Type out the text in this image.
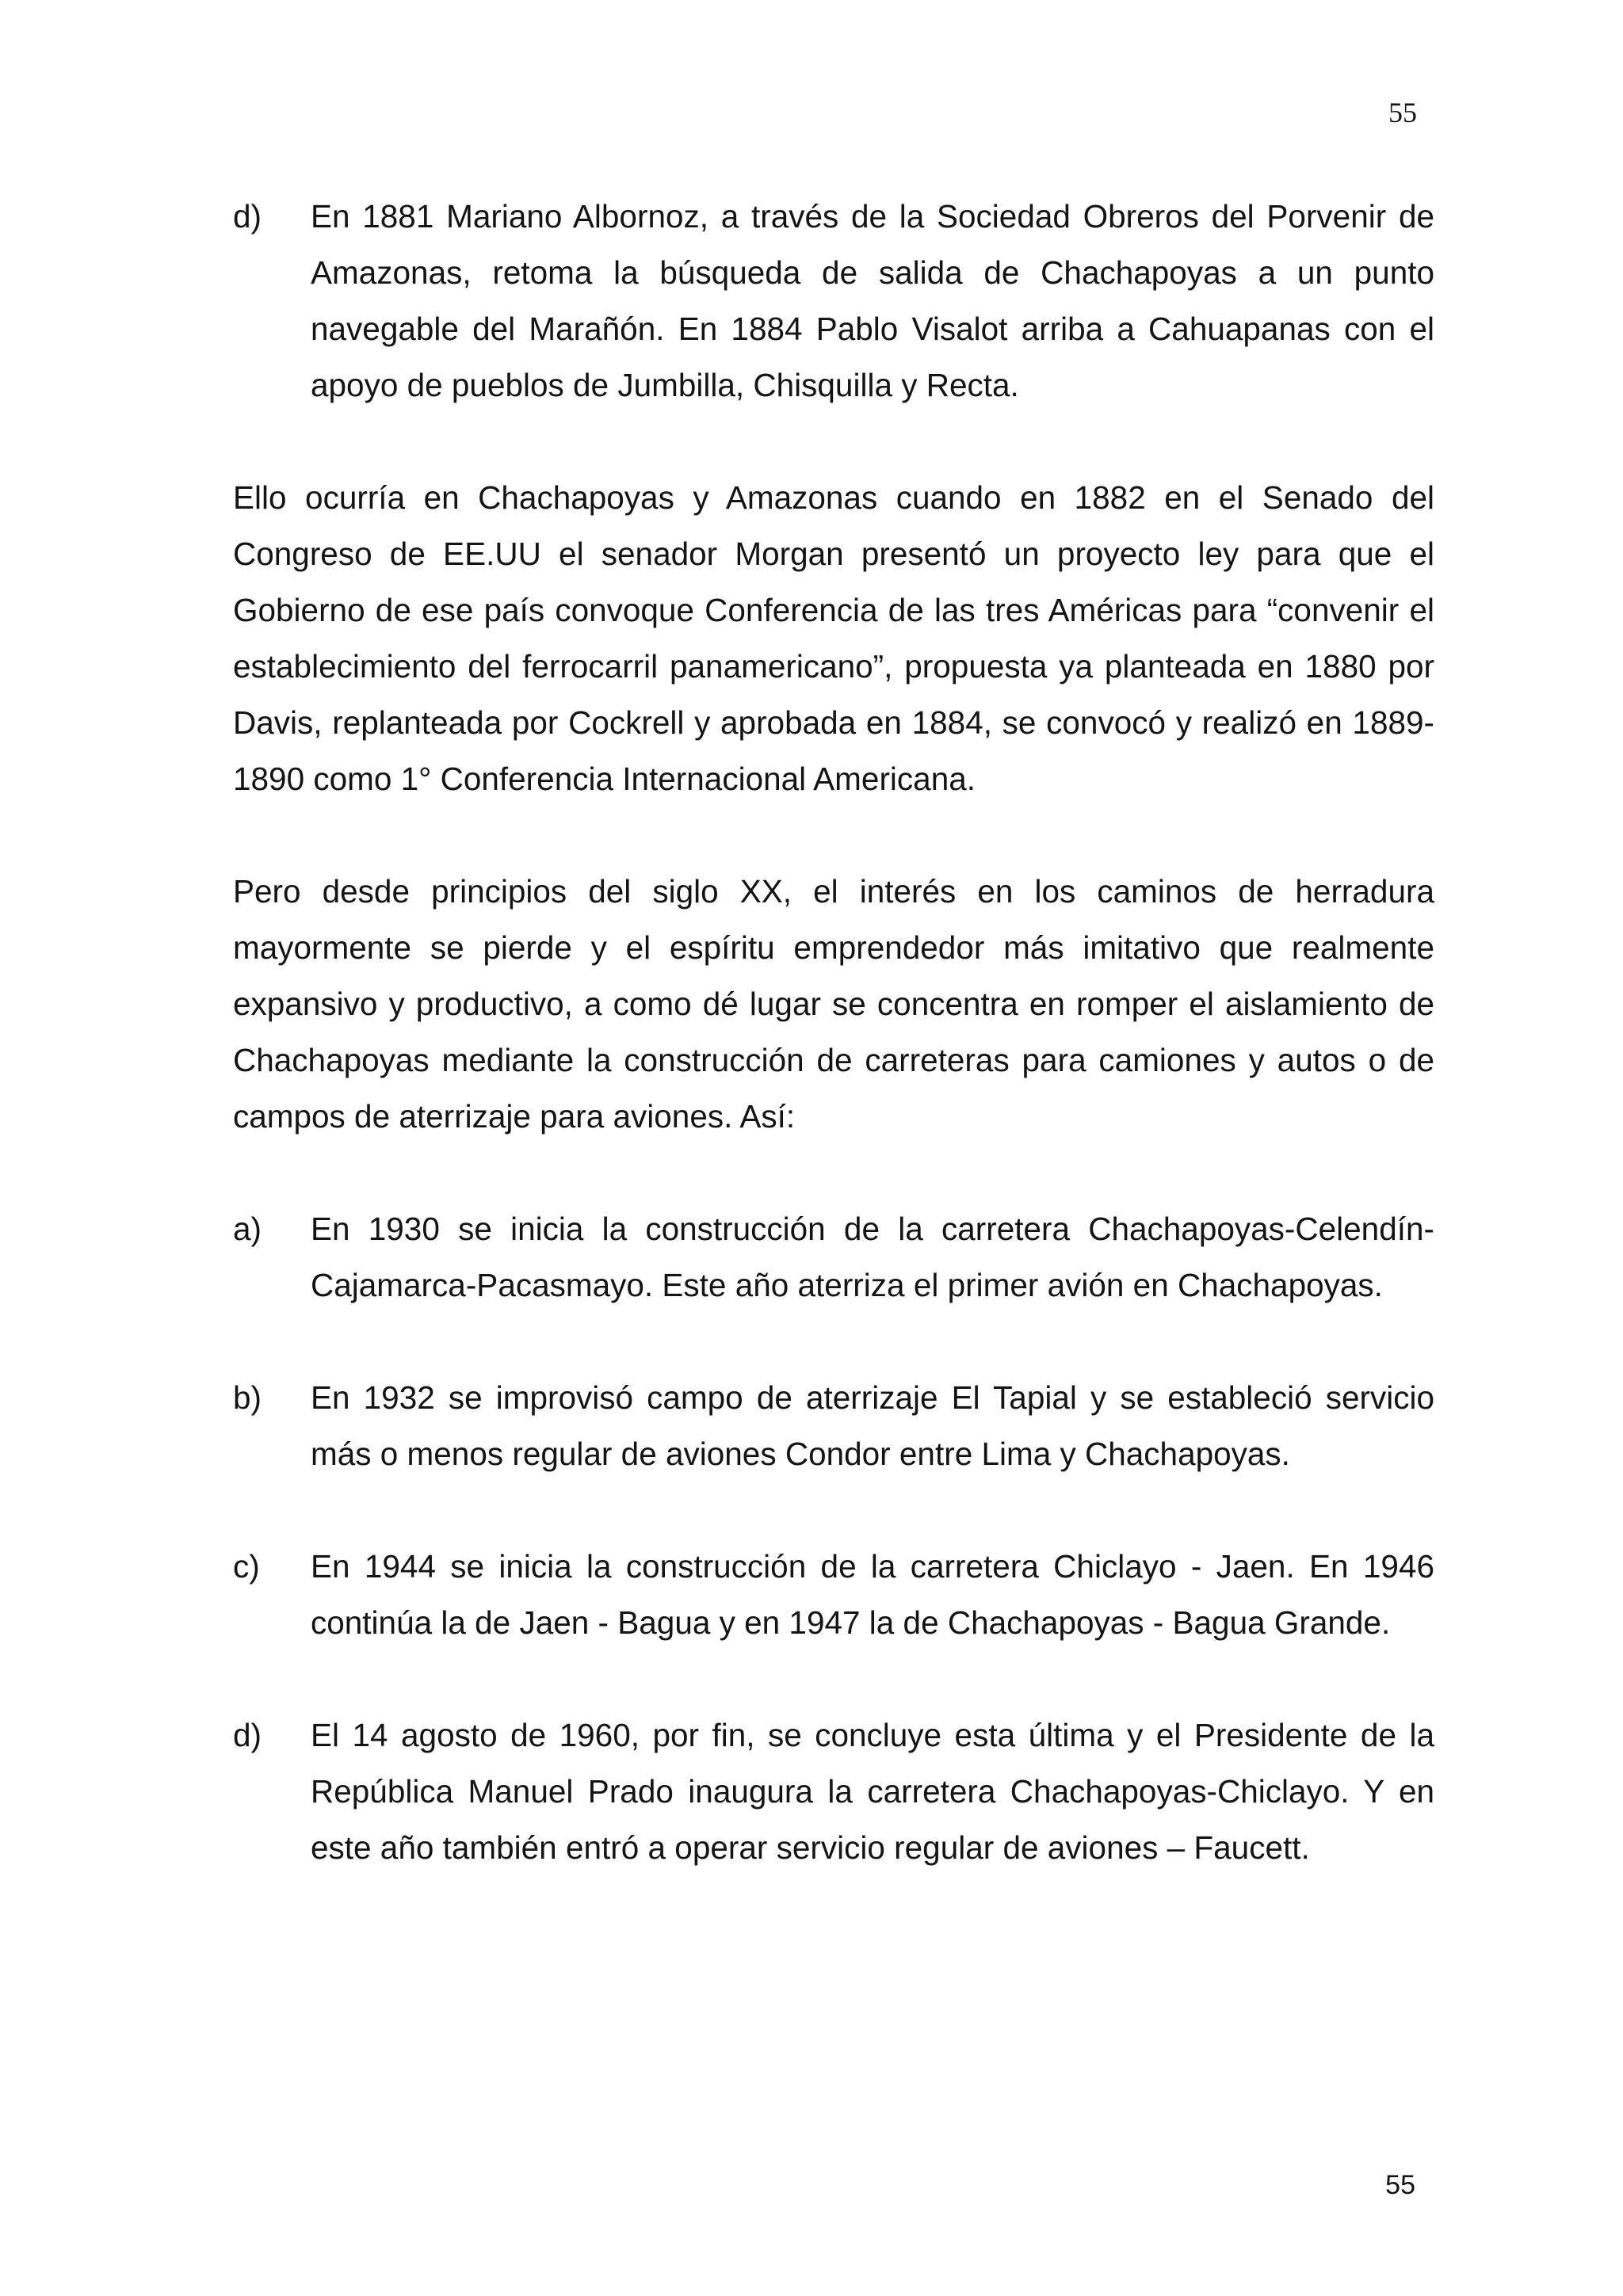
55
d)	En 1881 Mariano Albornoz, a través de la Sociedad Obreros del Porvenir de Amazonas, retoma la búsqueda de salida de Chachapoyas a un punto navegable del Marañón. En 1884 Pablo Visalot arriba a Cahuapanas con el apoyo de pueblos de Jumbilla, Chisquilla y Recta.

Ello ocurría en Chachapoyas y Amazonas cuando en 1882 en el Senado del Congreso de EE.UU el senador Morgan presentó un proyecto ley para que el Gobierno de ese país convoque Conferencia de las tres Américas para “convenir el establecimiento del ferrocarril panamericano”, propuesta ya planteada en 1880 por Davis, replanteada por Cockrell y aprobada en 1884, se convocó y realizó en 1889-1890 como 1° Conferencia Internacional Americana.

Pero desde principios del siglo XX, el interés en los caminos de herradura mayormente se pierde y el espíritu emprendedor más imitativo que realmente expansivo y productivo, a como dé lugar se concentra en romper el aislamiento de Chachapoyas mediante la construcción de carreteras para camiones y autos o de campos de aterrizaje para aviones. Así:

a)	En 1930 se inicia la construcción de la carretera Chachapoyas-Celendín-Cajamarca-Pacasmayo. Este año aterriza el primer avión en Chachapoyas.
b)	En 1932 se improvisó campo de aterrizaje El Tapial y se estableció servicio más o menos regular de aviones Condor entre Lima y Chachapoyas.
c)	En 1944 se inicia la construcción de la carretera Chiclayo - Jaen. En 1946 continúa la de Jaen - Bagua y en 1947 la de Chachapoyas - Bagua Grande.
d)	El 14 agosto de 1960, por fin, se concluye esta última y el Presidente de la República Manuel Prado inaugura la carretera Chachapoyas-Chiclayo. Y en este año también entró a operar servicio regular de aviones – Faucett.
55
